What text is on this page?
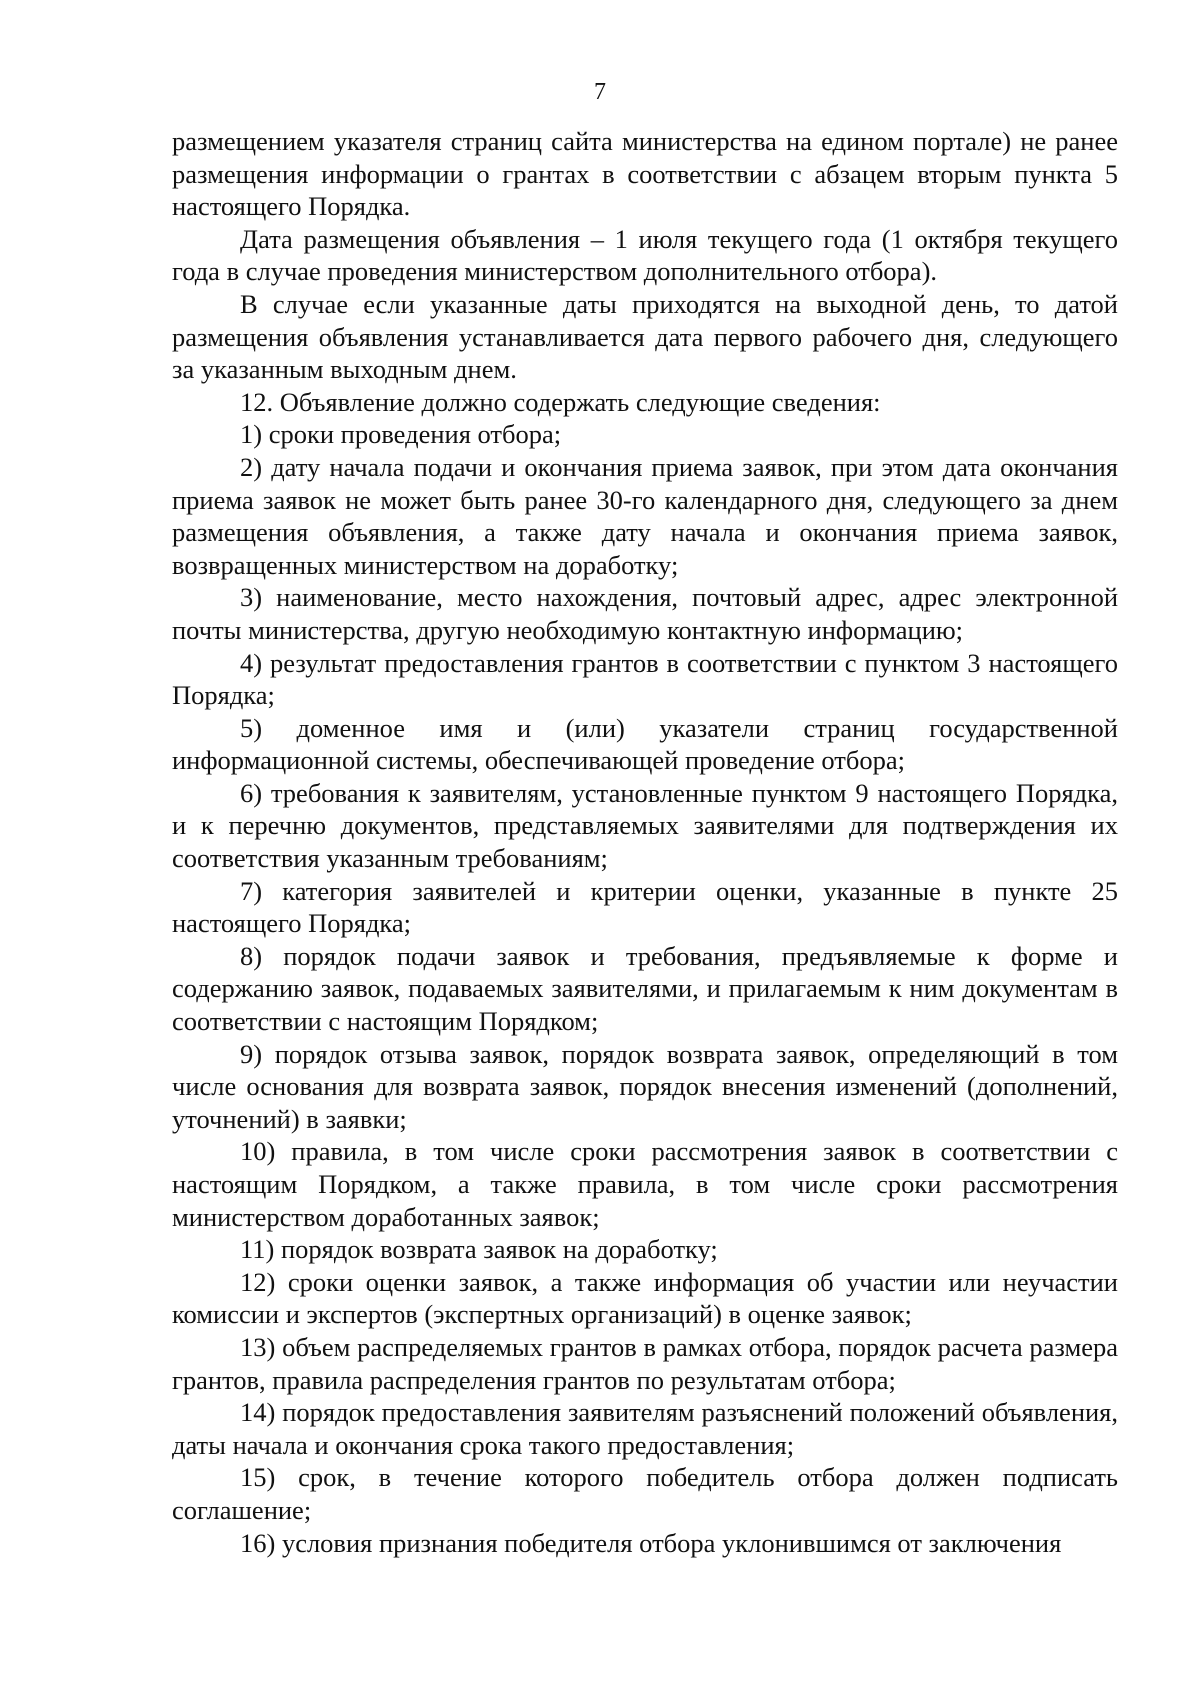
7

размещением указателя страниц сайта министерства на едином портале) не ранее размещения информации о грантах в соответствии с абзацем вторым пункта 5 настоящего Порядка.

Дата размещения объявления – 1 июля текущего года (1 октября текущего года в случае проведения министерством дополнительного отбора).

В случае если указанные даты приходятся на выходной день, то датой размещения объявления устанавливается дата первого рабочего дня, следующего за указанным выходным днем.

12. Объявление должно содержать следующие сведения:

1) сроки проведения отбора;

2) дату начала подачи и окончания приема заявок, при этом дата окончания приема заявок не может быть ранее 30-го календарного дня, следующего за днем размещения объявления, а также дату начала и окончания приема заявок, возвращенных министерством на доработку;

3) наименование, место нахождения, почтовый адрес, адрес электронной почты министерства, другую необходимую контактную информацию;

4) результат предоставления грантов в соответствии с пунктом 3 настоящего Порядка;

5) доменное имя и (или) указатели страниц государственной информационной системы, обеспечивающей проведение отбора;

6) требования к заявителям, установленные пунктом 9 настоящего Порядка, и к перечню документов, представляемых заявителями для подтверждения их соответствия указанным требованиям;

7) категория заявителей и критерии оценки, указанные в пункте 25 настоящего Порядка;

8) порядок подачи заявок и требования, предъявляемые к форме и содержанию заявок, подаваемых заявителями, и прилагаемым к ним документам в соответствии с настоящим Порядком;

9) порядок отзыва заявок, порядок возврата заявок, определяющий в том числе основания для возврата заявок, порядок внесения изменений (дополнений, уточнений) в заявки;

10) правила, в том числе сроки рассмотрения заявок в соответствии с настоящим Порядком, а также правила, в том числе сроки рассмотрения министерством доработанных заявок;

11) порядок возврата заявок на доработку;

12) сроки оценки заявок, а также информация об участии или неучастии комиссии и экспертов (экспертных организаций) в оценке заявок;

13) объем распределяемых грантов в рамках отбора, порядок расчета размера грантов, правила распределения грантов по результатам отбора;

14) порядок предоставления заявителям разъяснений положений объявления, даты начала и окончания срока такого предоставления;

15) срок, в течение которого победитель отбора должен подписать соглашение;

16) условия признания победителя отбора уклонившимся от заключения
